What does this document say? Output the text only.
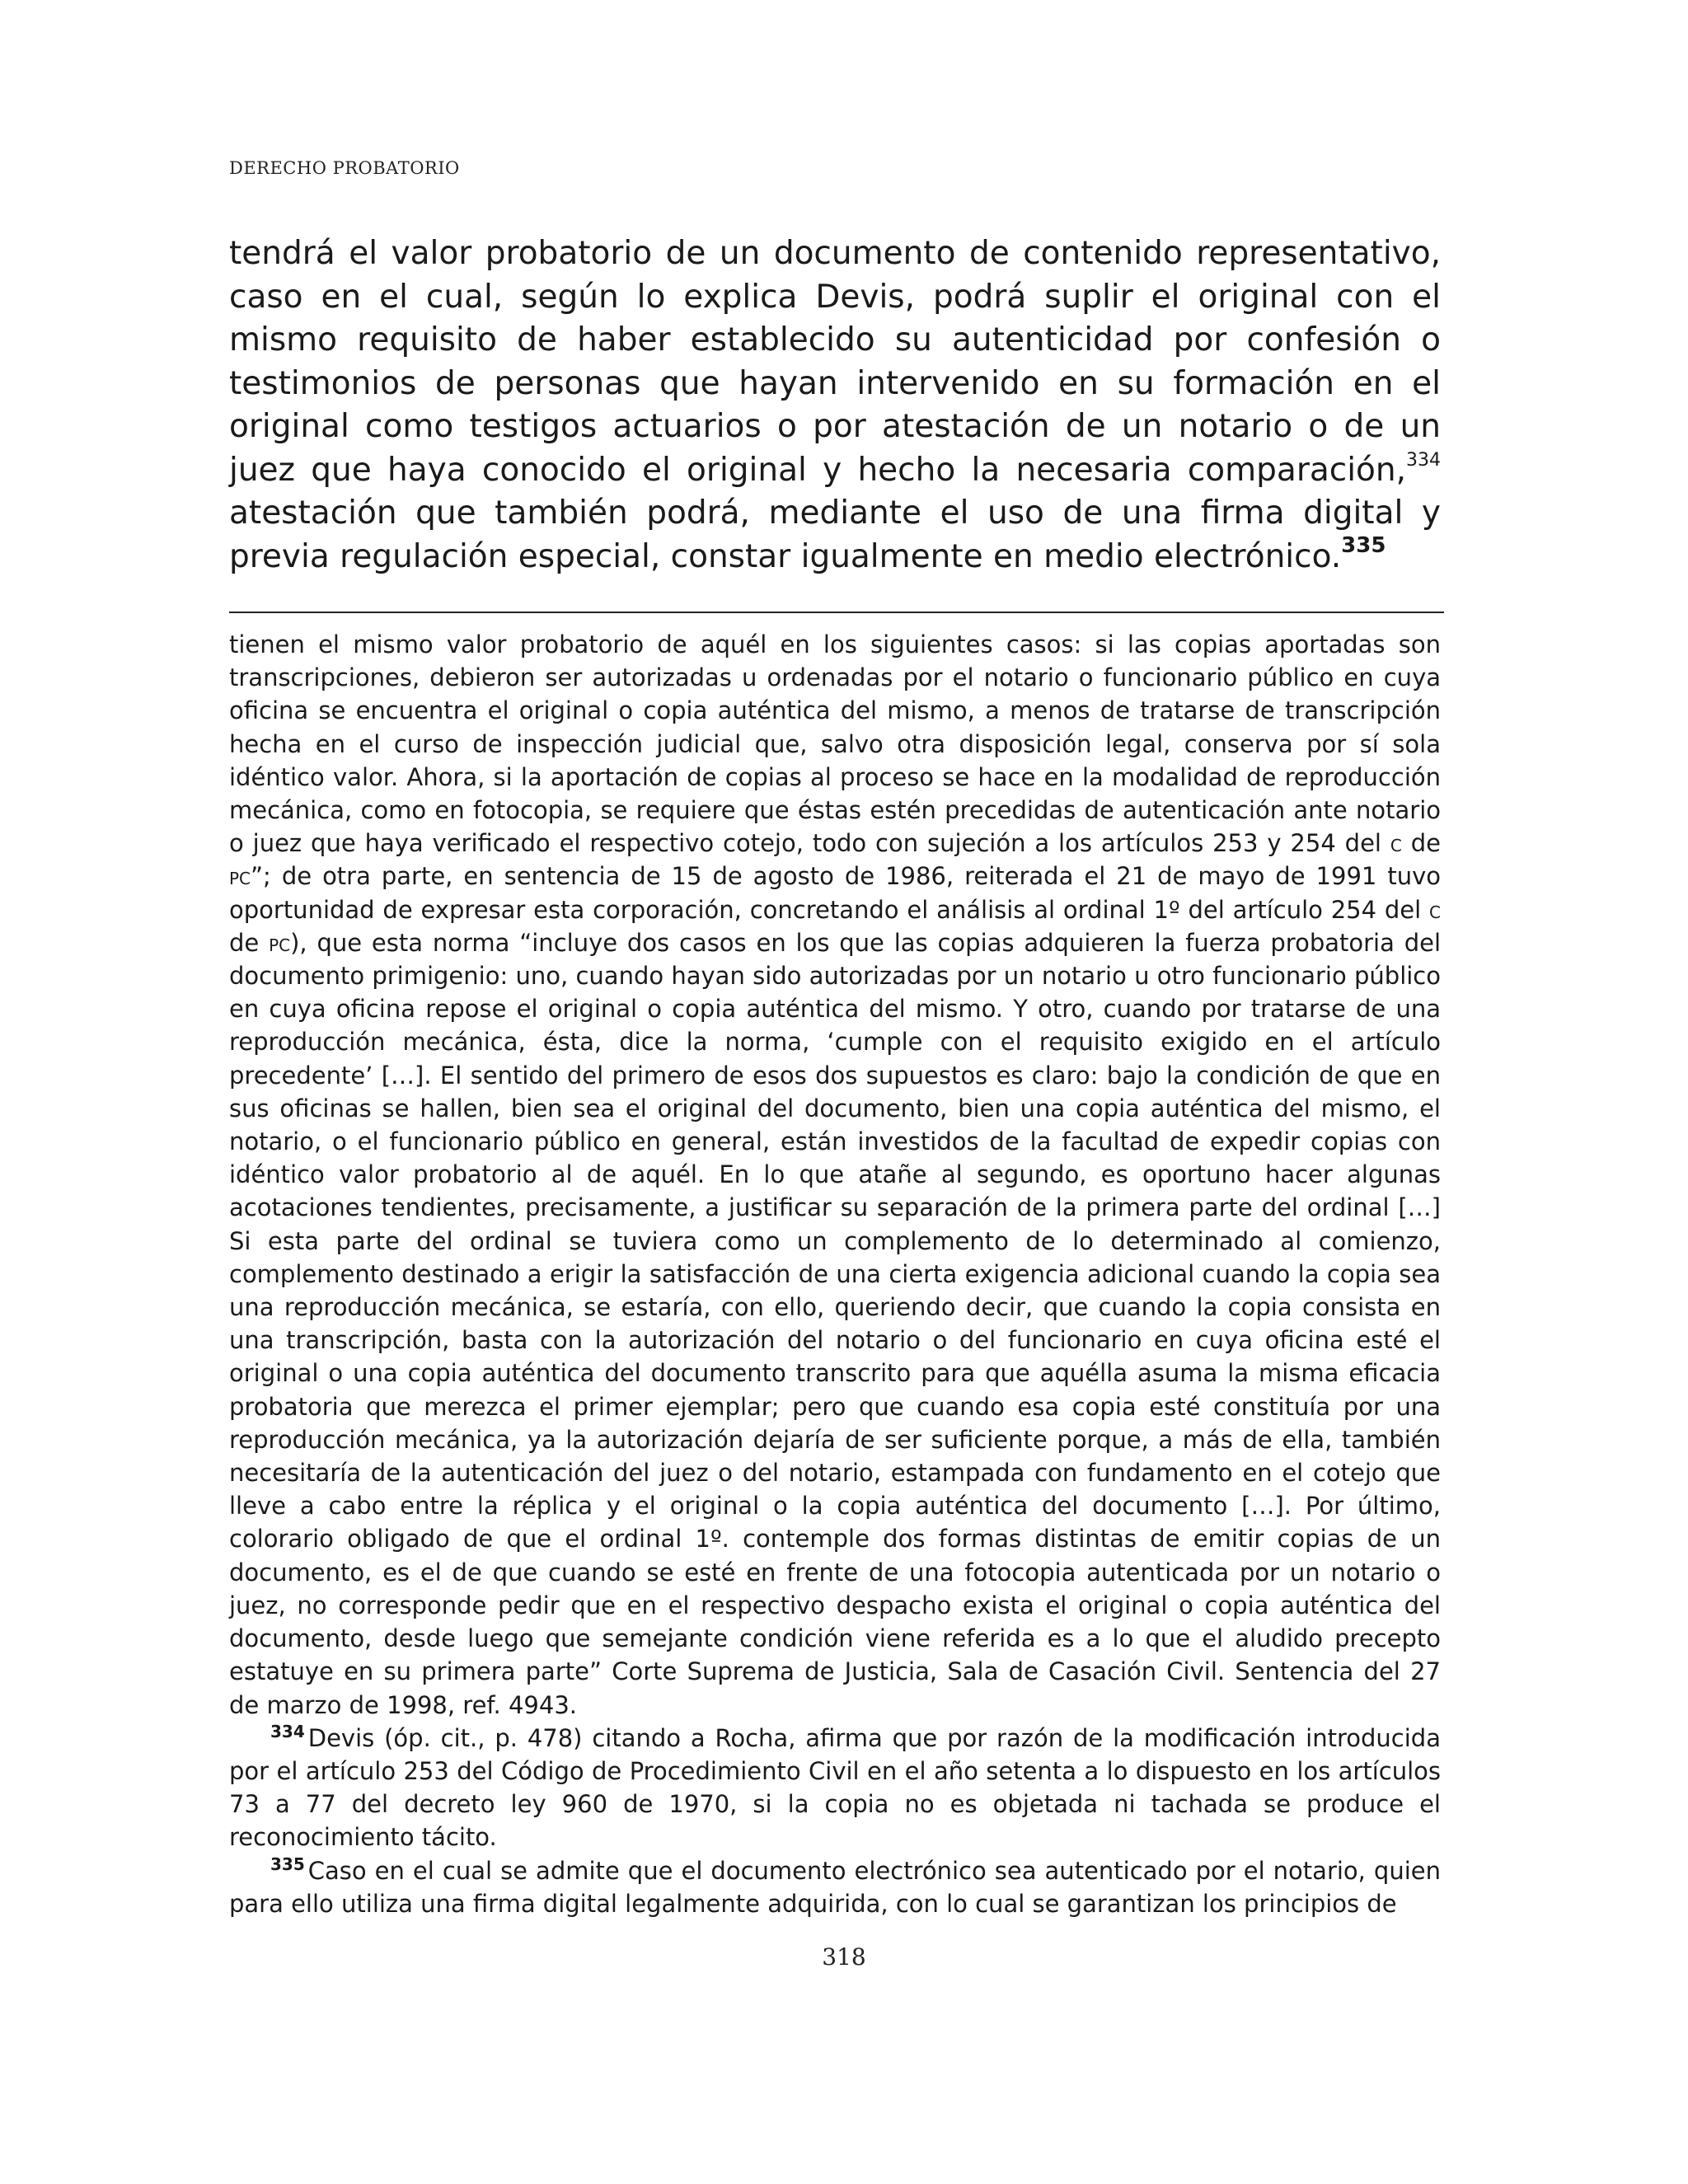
DERECHO PROBATORIO

tendrá el valor probatorio de un documento de contenido representativo, caso en el cual, según lo explica Devis, podrá suplir el original con el mismo requisito de haber establecido su autenticidad por confesión o testimonios de personas que hayan intervenido en su formación en el original como testigos actuarios o por atestación de un notario o de un juez que haya conocido el original y hecho la necesaria comparación,$^{334}$ atestación que también podrá, mediante el uso de una firma digital y previa regulación especial, constar igualmente en medio electrónico.$^{335}$

tienen el mismo valor probatorio de aquél en los siguientes casos: si las copias aportadas son transcripciones, debieron ser autorizadas u ordenadas por el notario o funcionario público en cuya oficina se encuentra el original o copia auténtica del mismo, a menos de tratarse de transcripción hecha en el curso de inspección judicial que, salvo otra disposición legal, conserva por sí sola idéntico valor. Ahora, si la aportación de copias al proceso se hace en la modalidad de reproducción mecánica, como en fotocopia, se requiere que éstas estén precedidas de autenticación ante notario o juez que haya verificado el respectivo cotejo, todo con sujeción a los artículos 253 y 254 del c de pc”; de otra parte, en sentencia de 15 de agosto de 1986, reiterada el 21 de mayo de 1991 tuvo oportunidad de expresar esta corporación, concretando el análisis al ordinal 1º del artículo 254 del c de pc), que esta norma “incluye dos casos en los que las copias adquieren la fuerza probatoria del documento primigenio: uno, cuando hayan sido autorizadas por un notario u otro funcionario público en cuya oficina repose el original o copia auténtica del mismo. Y otro, cuando por tratarse de una reproducción mecánica, ésta, dice la norma, ‘cumple con el requisito exigido en el artículo precedente’ […]. El sentido del primero de esos dos supuestos es claro: bajo la condición de que en sus oficinas se hallen, bien sea el original del documento, bien una copia auténtica del mismo, el notario, o el funcionario público en general, están investidos de la facultad de expedir copias con idéntico valor probatorio al de aquél. En lo que atañe al segundo, es oportuno hacer algunas acotaciones tendientes, precisamente, a justificar su separación de la primera parte del ordinal […] Si esta parte del ordinal se tuviera como un complemento de lo determinado al comienzo, complemento destinado a erigir la satisfacción de una cierta exigencia adicional cuando la copia sea una reproducción mecánica, se estaría, con ello, queriendo decir, que cuando la copia consista en una transcripción, basta con la autorización del notario o del funcionario en cuya oficina esté el original o una copia auténtica del documento transcrito para que aquélla asuma la misma eficacia probatoria que merezca el primer ejemplar; pero que cuando esa copia esté constituía por una reproducción mecánica, ya la autorización dejaría de ser suficiente porque, a más de ella, también necesitaría de la autenticación del juez o del notario, estampada con fundamento en el cotejo que lleve a cabo entre la réplica y el original o la copia auténtica del documento […]. Por último, colorario obligado de que el ordinal 1º. contemple dos formas distintas de emitir copias de un documento, es el de que cuando se esté en frente de una fotocopia autenticada por un notario o juez, no corresponde pedir que en el respectivo despacho exista el original o copia auténtica del documento, desde luego que semejante condición viene referida es a lo que el aludido precepto estatuye en su primera parte” Corte Suprema de Justicia, Sala de Casación Civil. Sentencia del 27 de marzo de 1998, ref. 4943.

$^{334}$ Devis (óp. cit., p. 478) citando a Rocha, afirma que por razón de la modificación introducida por el artículo 253 del Código de Procedimiento Civil en el año setenta a lo dispuesto en los artículos 73 a 77 del decreto ley 960 de 1970, si la copia no es objetada ni tachada se produce el reconocimiento tácito.

$^{335}$ Caso en el cual se admite que el documento electrónico sea autenticado por el notario, quien para ello utiliza una firma digital legalmente adquirida, con lo cual se garantizan los principios de

318
